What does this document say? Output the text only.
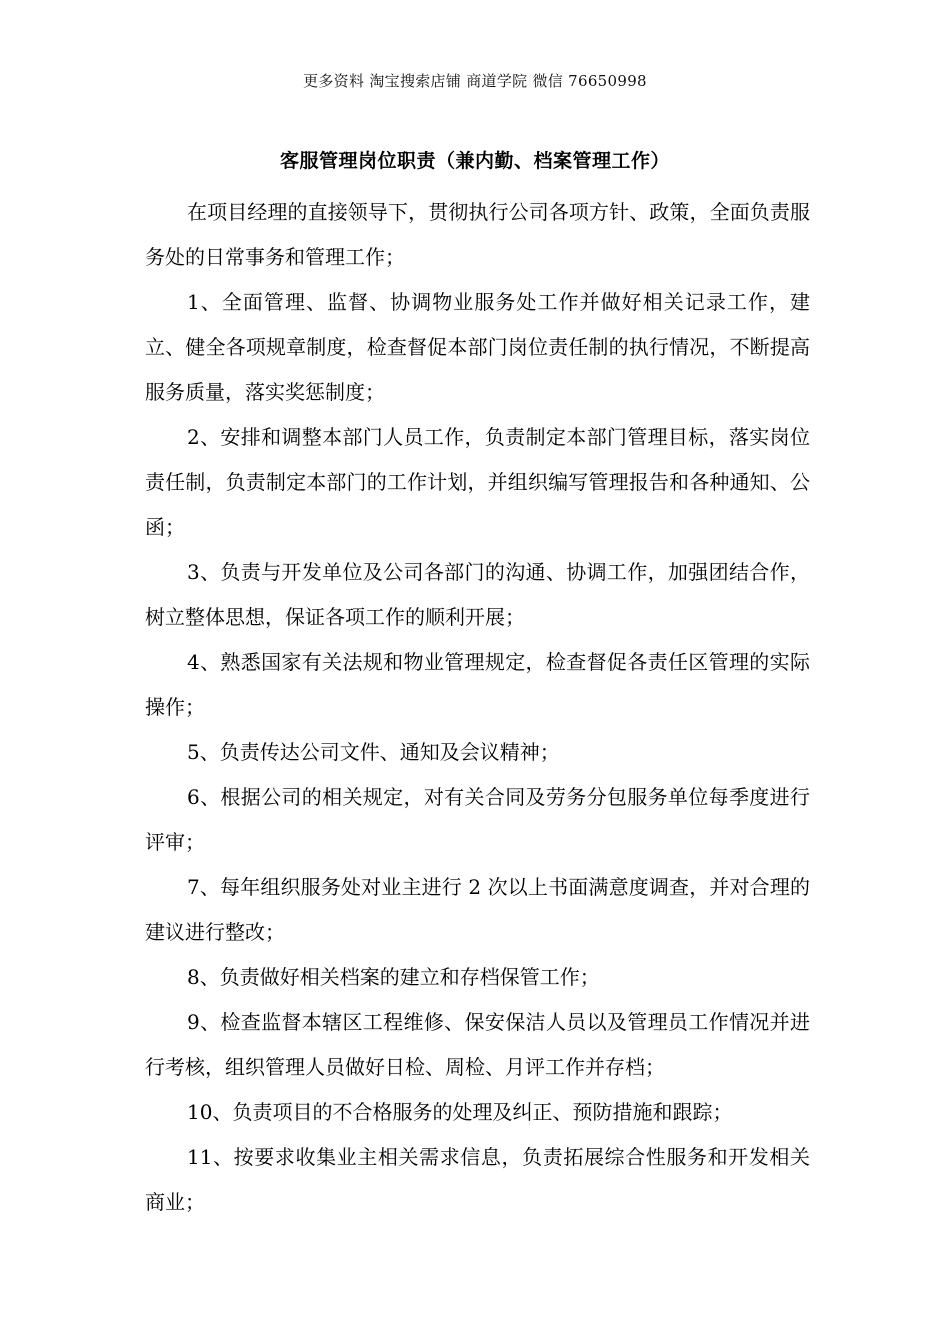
更多资料 淘宝搜索店铺 商道学院 微信 76650998
客服管理岗位职责（兼内勤、档案管理工作）

在项目经理的直接领导下，贯彻执行公司各项方针、政策，全面负责服务处的日常事务和管理工作；

1、全面管理、监督、协调物业服务处工作并做好相关记录工作，建立、健全各项规章制度，检查督促本部门岗位责任制的执行情况，不断提高服务质量，落实奖惩制度；

2、安排和调整本部门人员工作，负责制定本部门管理目标，落实岗位责任制，负责制定本部门的工作计划，并组织编写管理报告和各种通知、公函；

3、负责与开发单位及公司各部门的沟通、协调工作，加强团结合作，树立整体思想，保证各项工作的顺利开展；

4、熟悉国家有关法规和物业管理规定，检查督促各责任区管理的实际操作；

5、负责传达公司文件、通知及会议精神；

6、根据公司的相关规定，对有关合同及劳务分包服务单位每季度进行评审；

7、每年组织服务处对业主进行 2 次以上书面满意度调查，并对合理的建议进行整改；

8、负责做好相关档案的建立和存档保管工作；

9、检查监督本辖区工程维修、保安保洁人员以及管理员工作情况并进行考核，组织管理人员做好日检、周检、月评工作并存档；

10、负责项目的不合格服务的处理及纠正、预防措施和跟踪；

11、按要求收集业主相关需求信息，负责拓展综合性服务和开发相关商业；
